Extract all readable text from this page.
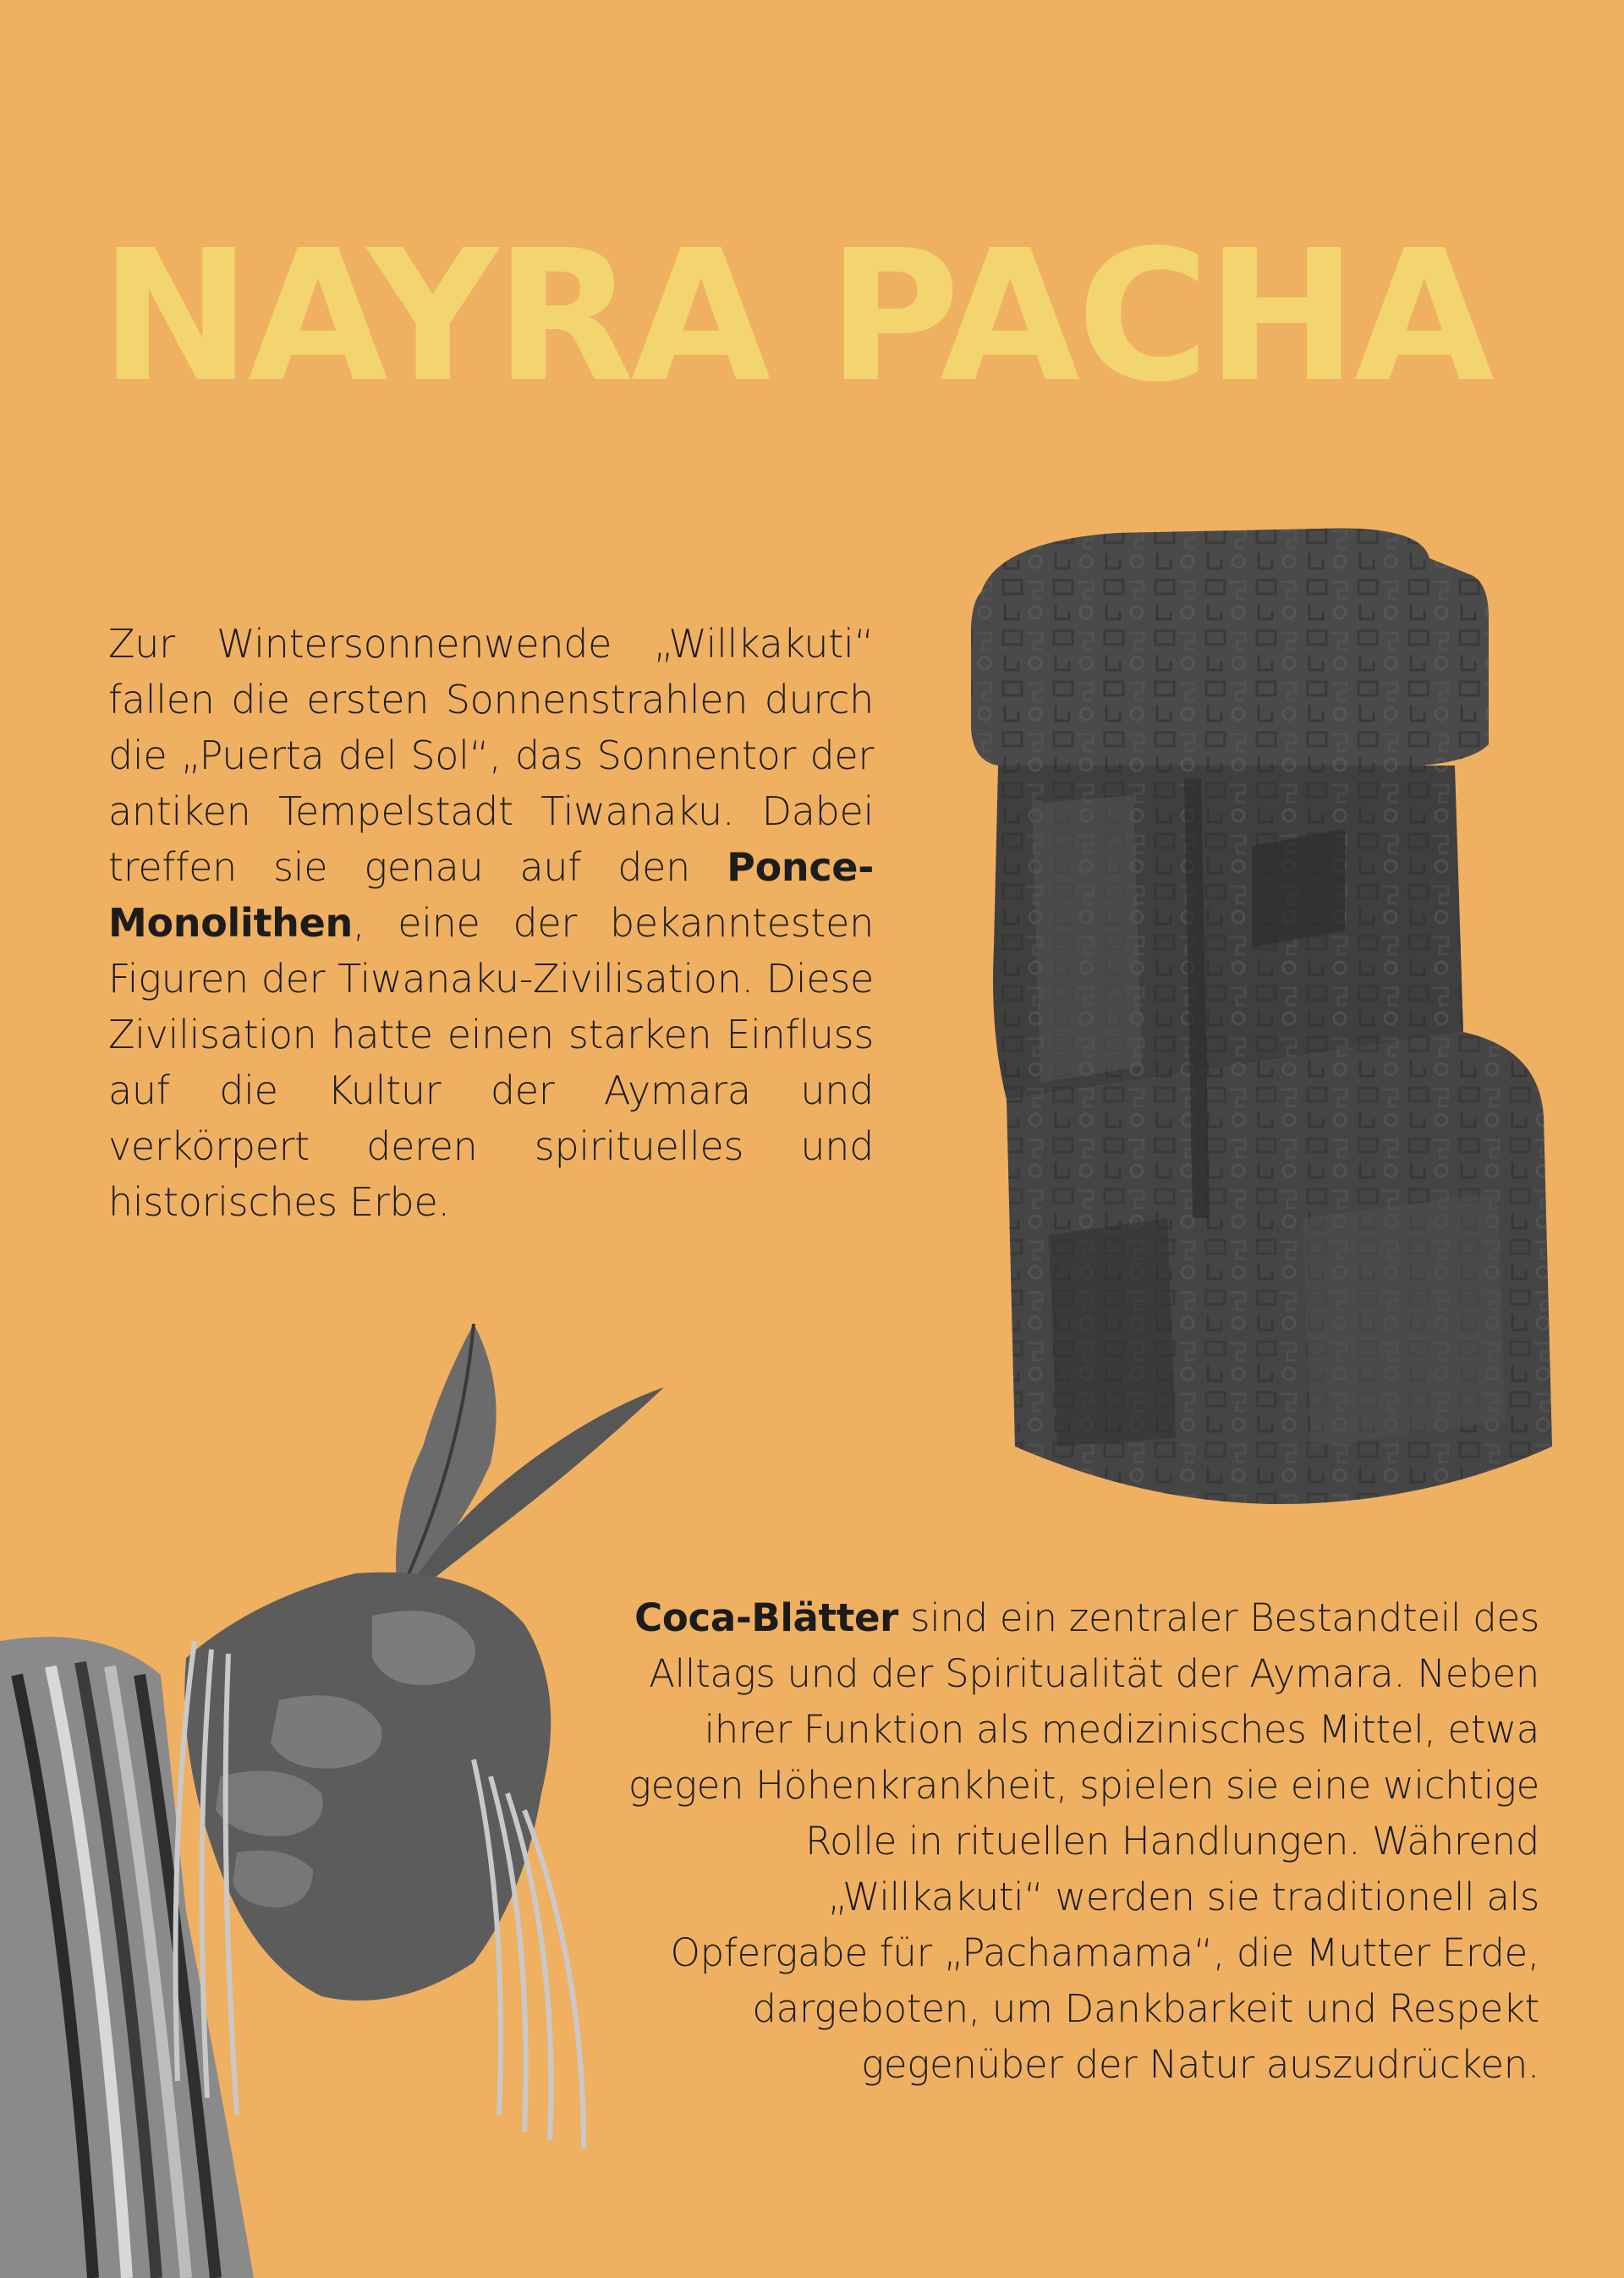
NAYRA PACHA

Zur Wintersonnenwende „Willkakuti“ fallen die ersten Sonnenstrahlen durch die „Puerta del Sol“, das Sonnentor der antiken Tempelstadt Tiwanaku. Dabei treffen sie genau auf den Ponce-Monolithen, eine der bekanntesten Figuren der Tiwanaku-Zivilisation. Diese Zivilisation hatte einen starken Einfluss auf die Kultur der Aymara und verkörpert deren spirituelles und historisches Erbe.

Coca-Blätter sind ein zentraler Bestandteil des Alltags und der Spiritualität der Aymara. Neben ihrer Funktion als medizinisches Mittel, etwa gegen Höhenkrankheit, spielen sie eine wichtige Rolle in rituellen Handlungen. Während „Willkakuti“ werden sie traditionell als Opfergabe für „Pachamama“, die Mutter Erde, dargeboten, um Dankbarkeit und Respekt gegenüber der Natur auszudrücken.
